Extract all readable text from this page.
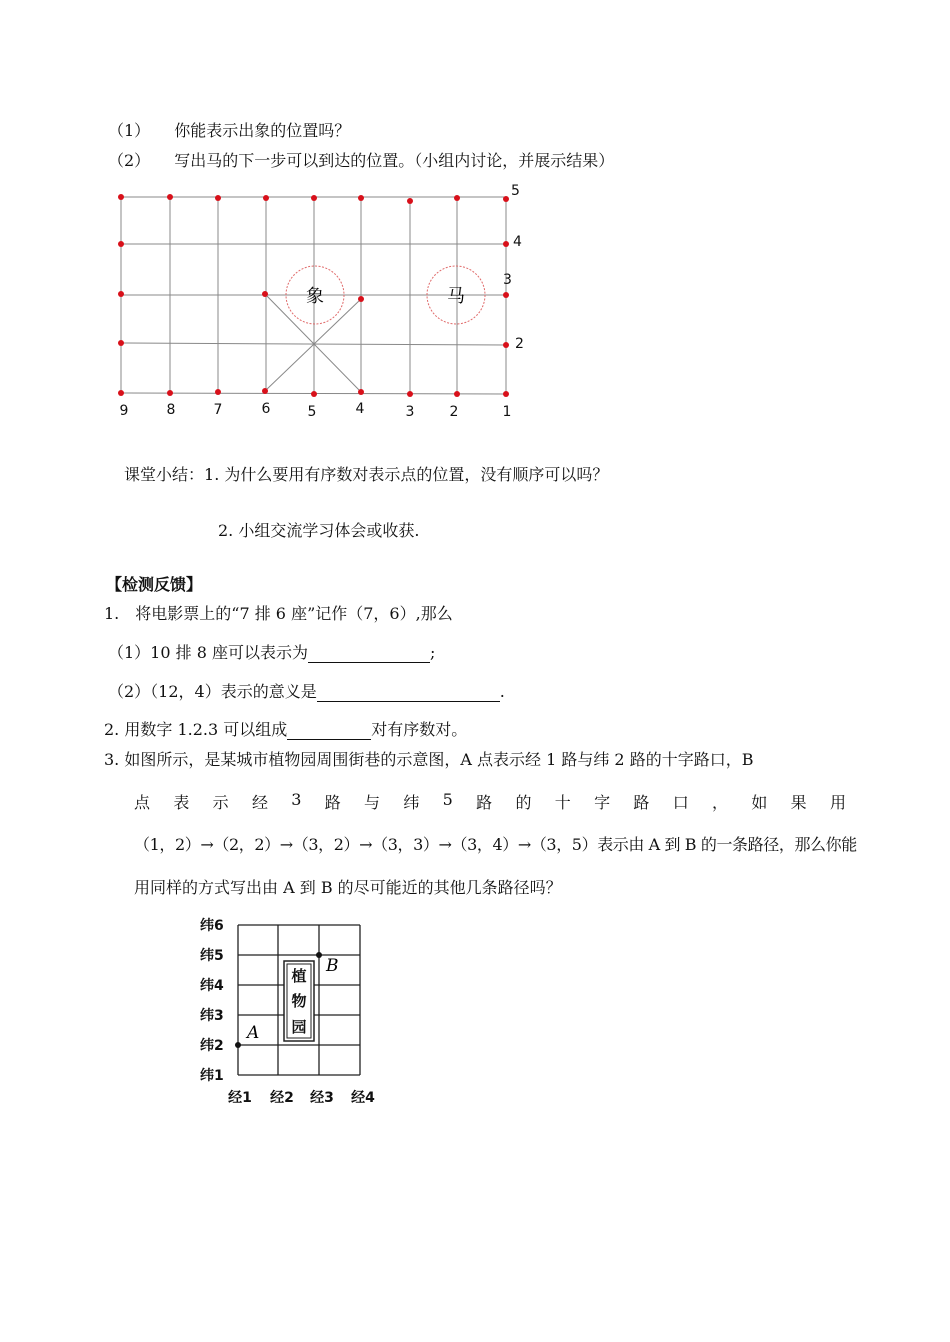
（1） 你能表示出象的位置吗？
（2） 写出马的下一步可以到达的位置。（小组内讨论，并展示结果）
象	马
9	8	7	6	5	4	3	2	1
5
4
3
2
课堂小结：1. 为什么要用有序数对表示点的位置，没有顺序可以吗？
2. 小组交流学习体会或收获.
【检测反馈】
1.　将电影票上的“7 排 6 座”记作（7，6）,那么
（1）10 排 8 座可以表示为	;
（2）（12，4）表示的意义是	.
2. 用数字 1.2.3 可以组成	对有序数对。
3. 如图所示，是某城市植物园周围街巷的示意图，A 点表示经 1 路与纬 2 路的十字路口，B
点 表 示 经 3 路 与 纬 5 路 的 十 字 路 口 ， 如 果 用
（1，2）→（2，2）→（3，2）→（3，3）→（3，4）→（3，5）表示由 A 到 B 的一条路径，那么你能
用同样的方式写出由 A 到 B 的尽可能近的其他几条路径吗？
植
物
园
A
B
纬6
纬5
纬4
纬3
纬2
纬1
经1 经2 经3 经4
